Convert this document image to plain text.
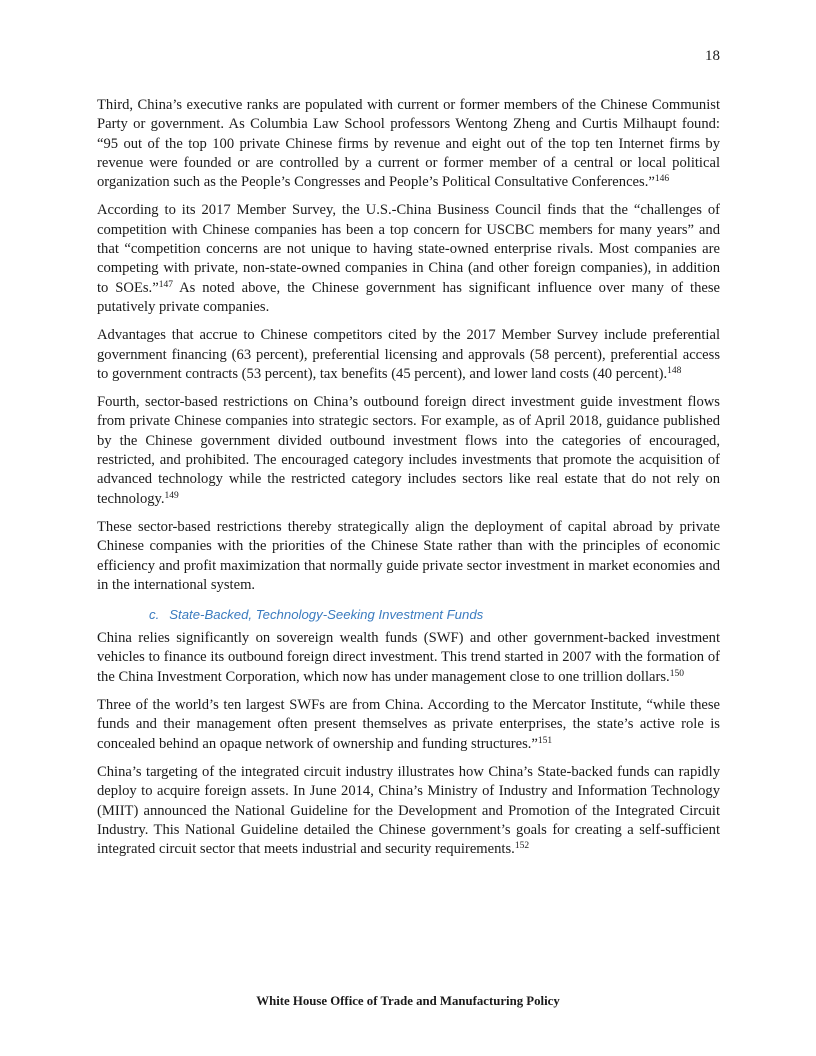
18

Third, China’s executive ranks are populated with current or former members of the Chinese Communist Party or government. As Columbia Law School professors Wentong Zheng and Curtis Milhaupt found: “95 out of the top 100 private Chinese firms by revenue and eight out of the top ten Internet firms by revenue were founded or are controlled by a current or former member of a central or local political organization such as the People’s Congresses and People’s Political Consultative Conferences.”$^{146}$

According to its 2017 Member Survey, the U.S.-China Business Council finds that the “challenges of competition with Chinese companies has been a top concern for USCBC members for many years” and that “competition concerns are not unique to having state-owned enterprise rivals. Most companies are competing with private, non-state-owned companies in China (and other foreign companies), in addition to SOEs.”$^{147}$ As noted above, the Chinese government has significant influence over many of these putatively private companies.

Advantages that accrue to Chinese competitors cited by the 2017 Member Survey include preferential government financing (63 percent), preferential licensing and approvals (58 percent), preferential access to government contracts (53 percent), tax benefits (45 percent), and lower land costs (40 percent).$^{148}$

Fourth, sector-based restrictions on China’s outbound foreign direct investment guide investment flows from private Chinese companies into strategic sectors. For example, as of April 2018, guidance published by the Chinese government divided outbound investment flows into the categories of encouraged, restricted, and prohibited. The encouraged category includes investments that promote the acquisition of advanced technology while the restricted category includes sectors like real estate that do not rely on technology.$^{149}$

These sector-based restrictions thereby strategically align the deployment of capital abroad by private Chinese companies with the priorities of the Chinese State rather than with the principles of economic efficiency and profit maximization that normally guide private sector investment in market economies and in the international system.

c. State-Backed, Technology-Seeking Investment Funds

China relies significantly on sovereign wealth funds (SWF) and other government-backed investment vehicles to finance its outbound foreign direct investment. This trend started in 2007 with the formation of the China Investment Corporation, which now has under management close to one trillion dollars.$^{150}$

Three of the world’s ten largest SWFs are from China. According to the Mercator Institute, “while these funds and their management often present themselves as private enterprises, the state’s active role is concealed behind an opaque network of ownership and funding structures.”$^{151}$

China’s targeting of the integrated circuit industry illustrates how China’s State-backed funds can rapidly deploy to acquire foreign assets. In June 2014, China’s Ministry of Industry and Information Technology (MIIT) announced the National Guideline for the Development and Promotion of the Integrated Circuit Industry. This National Guideline detailed the Chinese government’s goals for creating a self-sufficient integrated circuit sector that meets industrial and security requirements.$^{152}$

White House Office of Trade and Manufacturing Policy
